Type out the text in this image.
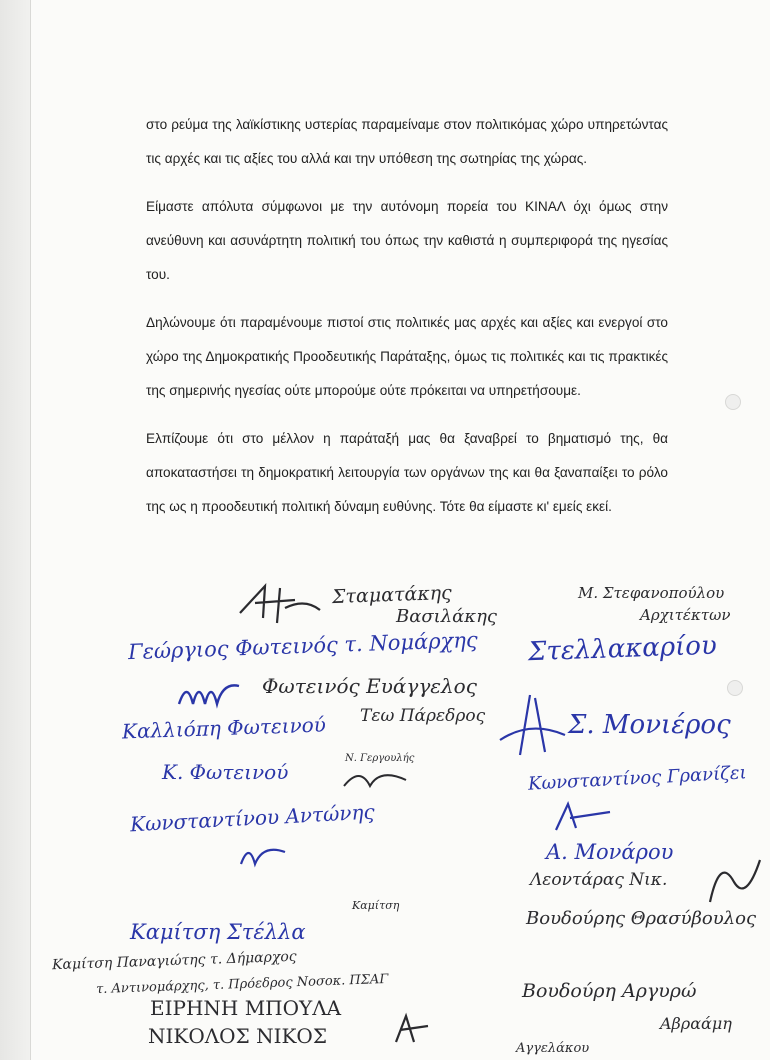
στο ρεύμα της λαϊκίστικης υστερίας παραμείναμε στον πολιτικόμας χώρο υπηρετώντας τις αρχές και τις αξίες του αλλά και την υπόθεση της σωτηρίας της χώρας.

Είμαστε απόλυτα σύμφωνοι με την αυτόνομη πορεία του ΚΙΝΑΛ όχι όμως στην ανεύθυνη και ασυνάρτητη πολιτική του όπως την καθιστά η συμπεριφορά της ηγεσίας του.

Δηλώνουμε ότι παραμένουμε πιστοί στις πολιτικές μας αρχές και αξίες και ενεργοί στο χώρο της Δημοκρατικής Προοδευτικής Παράταξης, όμως τις πολιτικές και τις πρακτικές της σημερινής ηγεσίας ούτε μπορούμε ούτε πρόκειται να υπηρετήσουμε.

Ελπίζουμε ότι στο μέλλον η παράταξή μας θα ξαναβρεί το βηματισμό της, θα αποκαταστήσει τη δημοκρατική λειτουργία των οργάνων της και θα ξαναπαίξει το ρόλο της ως η προοδευτική πολιτική δύναμη ευθύνης. Τότε θα είμαστε κι' εμείς εκεί.

Σταματάκης
Βασιλάκης
Μ. Στεφανοπούλου
Αρχιτέκτων
Γεώργιος Φωτεινός τ. Νομάρχης Στελλακαρίου
Φωτεινός Ευάγγελος
Καλλιόπη Φωτεινού Τεω Πάρεδρος	Σ. Μονιέρος
Κ. Φωτεινού
Ν. Γεργουλής
Κωνσταντίνος Γρανίζει
Κωνσταντίνου Αντώνης
Α. Μονάρου
Λεοντάρας Νικ.
Καμίτση
Καμίτση Στέλλα
Βουδούρης Θρασύβουλος
Καμίτση Παναγιώτης τ. Δήμαρχος
τ. Αντινομάρχης, τ. Πρόεδρος Νοσοκ. ΠΣΑΓ	Βουδούρη Αργυρώ
ΕΙΡΗΝΗ ΜΠΟΥΛΑ
ΝΙΚΟΛΟΣ ΝΙΚΟΣ
Αβραάμη
Αγγελάκου
